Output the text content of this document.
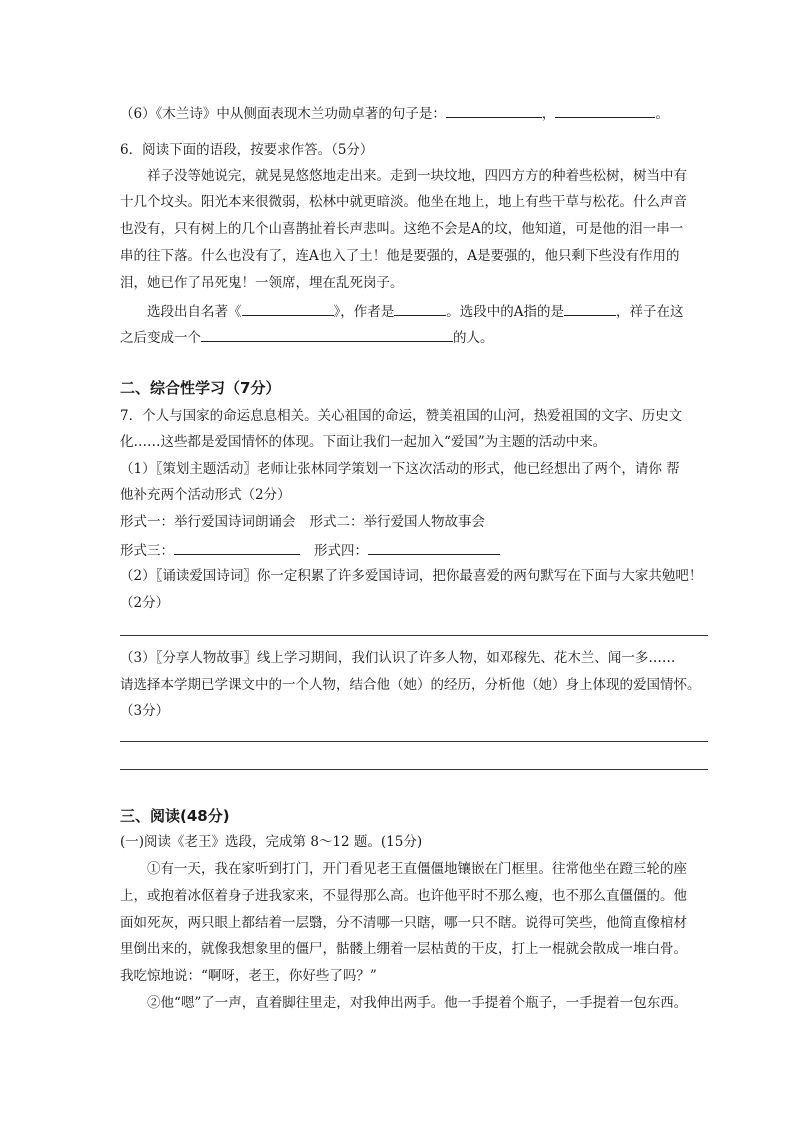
（6）《木兰诗》中从侧面表现木兰功勋卓著的句子是：	，	。
6．阅读下面的语段，按要求作答。（5分）
祥子没等她说完，就晃晃悠悠地走出来。走到一块坟地，四四方方的种着些松树，树当中有
十几个坟头。阳光本来很微弱，松林中就更暗淡。他坐在地上，地上有些干草与松花。什么声音
也没有，只有树上的几个山喜鹊扯着长声悲叫。这绝不会是A的坟，他知道，可是他的泪一串一
串的往下落。什么也没有了，连A也入了土！他是要强的，A是要强的，他只剩下些没有作用的
泪，她已作了吊死鬼！一领席，埋在乱死岗子。
选段出自名著《	》，作者是	。选段中的A指的是	，祥子在这
之后变成一个	的人。
二、综合性学习（7分）
7．个人与国家的命运息息相关。关心祖国的命运，赞美祖国的山河，热爱祖国的文字、历史文
化……这些都是爱国情怀的体现。下面让我们一起加入“爱国”为主题的活动中来。
（1）〖策划主题活动〗老师让张林同学策划一下这次活动的形式，他已经想出了两个，请你 帮
他补充两个活动形式（2分）
形式一：举行爱国诗词朗诵会 形式二：举行爱国人物故事会
形式三：	形式四：
（2）〖诵读爱国诗词〗你一定积累了许多爱国诗词，把你最喜爱的两句默写在下面与大家共勉吧！
（2分）
（3）〖分享人物故事〗线上学习期间，我们认识了许多人物，如邓稼先、花木兰、闻一多……
请选择本学期已学课文中的一个人物，结合他（她）的经历，分析他（她）身上体现的爱国情怀。
（3分）
三、阅读(48分)
(一)阅读《老王》选段，完成第 8～12 题。(15分)
①有一天，我在家听到打门，开门看见老王直僵僵地镶嵌在门框里。往常他坐在蹬三轮的座
上，或抱着冰伛着身子进我家来，不显得那么高。也许他平时不那么瘦，也不那么直僵僵的。他
面如死灰，两只眼上都结着一层翳，分不清哪一只瞎，哪一只不瞎。说得可笑些，他简直像棺材
里倒出来的，就像我想象里的僵尸，骷髅上绷着一层枯黄的干皮，打上一棍就会散成一堆白骨。
我吃惊地说：“啊呀，老王，你好些了吗？”
②他“嗯”了一声，直着脚往里走，对我伸出两手。他一手提着个瓶子，一手提着一包东西。
